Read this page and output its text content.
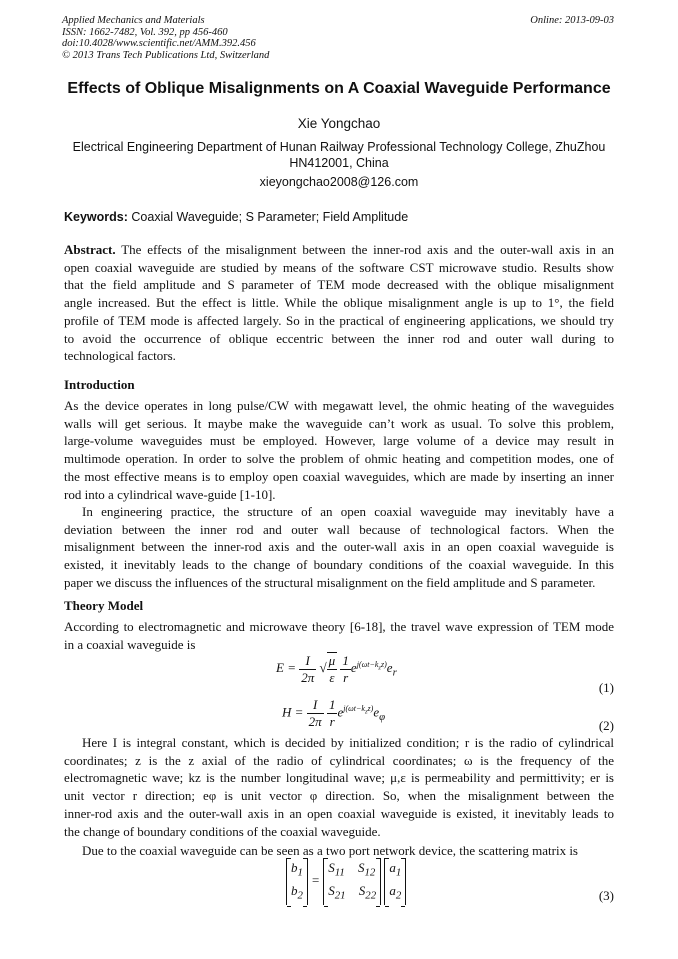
Applied Mechanics and Materials
ISSN: 1662-7482, Vol. 392, pp 456-460
doi:10.4028/www.scientific.net/AMM.392.456
© 2013 Trans Tech Publications Ltd, Switzerland
Online: 2013-09-03
Effects of Oblique Misalignments on A Coaxial Waveguide Performance
Xie Yongchao
Electrical Engineering Department of Hunan Railway Professional Technology College, ZhuZhou HN412001, China
xieyongchao2008@126.com
Keywords: Coaxial Waveguide; S Parameter; Field Amplitude
Abstract. The effects of the misalignment between the inner-rod axis and the outer-wall axis in an
open coaxial waveguide are studied by means of the software CST microwave studio. Results show
that the field amplitude and S parameter of TEM mode decreased with the oblique misalignment
angle increased. But the effect is little. While the oblique misalignment angle is up to 1°, the field
profile of TEM mode is affected largely. So in the practical of engineering applications, we should try
to avoid the occurrence of oblique eccentric between the inner rod and outer wall during to
technological factors.
Introduction
As the device operates in long pulse/CW with megawatt level, the ohmic heating of the waveguides
walls will get serious. It maybe make the waveguide can’t work as usual. To solve this problem,
large-volume waveguides must be employed. However, large volume of a device may result in
multimode operation. In order to solve the problem of ohmic heating and competition modes, one of
the most effective means is to employ open coaxial waveguides, which are made by inserting an inner
rod into a cylindrical wave-guide [1-10].
In engineering practice, the structure of an open coaxial waveguide may inevitably have a
deviation between the inner rod and outer wall because of technological factors. When the
misalignment between the inner-rod axis and the outer-wall axis in an open coaxial waveguide is
existed, it inevitably leads to the change of boundary conditions of the coaxial waveguide. In this
paper we discuss the influences of the structural misalignment on the field amplitude and S parameter.
Theory Model
According to electromagnetic and microwave theory [6-18], the travel wave expression of TEM mode
in a coaxial waveguide is
$E = \frac{I}{2\pi}$ √ $\frac{\mu}{\varepsilon}$
$\frac{1}{r} e^{j(\omega t-k_zz)}e_r$
(1)
$H = \frac{I}{2\pi}$
$\frac{1}{r} e^{j(\omega t-k_zz)}e_\varphi$
(2)
Here I is integral constant, which is decided by initialized condition; r is the radio of cylindrical
coordinates; z is the z axial of the radio of cylindrical coordinates; ω is the frequency of the
electromagnetic wave; kz is the number longitudinal wave; μ,ε is permeability and permittivity; er is
unit vector r direction; eφ is unit vector φ direction. So, when the misalignment between the
inner-rod axis and the outer-wall axis in an open coaxial waveguide is existed, it inevitably leads to
the change of boundary conditions of the coaxial waveguide.
Due to the coaxial waveguide can be seen as a two port network device, the scattering matrix is
$b_1$
$b_2$
=
$S_{11}$ $S_{12}$
$S_{21}$ $S_{22}$

$a_1$
$a_2$	(3)
